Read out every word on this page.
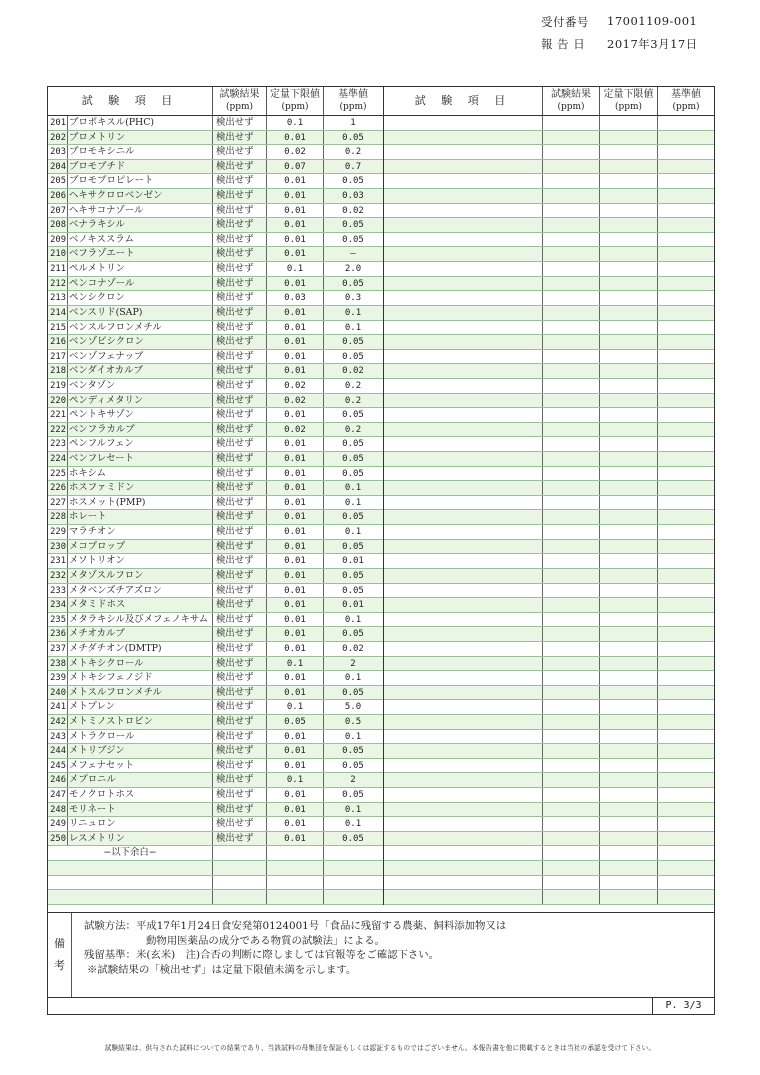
受付番号	17001109-001
報 告 日	2017年3月17日
試 験 項 目	試験結果
(ppm)
定量下限値
(ppm)
基準値
(ppm)
201 ブロポキスル(PHC)	検出せず	0.1	1
202 ブロメトリン	検出せず	0.01	0.05
203 ブロモキシニル	検出せず	0.02	0.2
204 ブロモブチド	検出せず	0.07	0.7
205 ブロモプロピレート	検出せず	0.01	0.05
206 ヘキサクロロベンゼン	検出せず	0.01	0.03
207 ヘキサコナゾール	検出せず	0.01	0.02
208 ベナラキシル	検出せず	0.01	0.05
209 ベノキススラム	検出せず	0.01	0.05
210 ベフラゾエート	検出せず	0.01	—
211 ペルメトリン	検出せず	0.1	2.0
212 ペンコナゾール	検出せず	0.01	0.05
213 ペンシクロン	検出せず	0.03	0.3
214 ベンスリド(SAP)	検出せず	0.01	0.1
215 ベンスルフロンメチル	検出せず	0.01	0.1
216 ベンゾビシクロン	検出せず	0.01	0.05
217 ベンゾフェナップ	検出せず	0.01	0.05
218 ベンダイオカルブ	検出せず	0.01	0.02
219 ベンタゾン	検出せず	0.02	0.2
220 ペンディメタリン	検出せず	0.02	0.2
221 ペントキサゾン	検出せず	0.01	0.05
222 ベンフラカルブ	検出せず	0.02	0.2
223 ペンフルフェン	検出せず	0.01	0.05
224 ベンフレセート	検出せず	0.01	0.05
225 ホキシム	検出せず	0.01	0.05
226 ホスファミドン	検出せず	0.01	0.1
227 ホスメット(PMP)	検出せず	0.01	0.1
228 ホレート	検出せず	0.01	0.05
229 マラチオン	検出せず	0.01	0.1
230 メコプロップ	検出せず	0.01	0.05
231 メソトリオン	検出せず	0.01	0.01
232 メタゾスルフロン	検出せず	0.01	0.05
233 メタベンズチアズロン	検出せず	0.01	0.05
234 メタミドホス	検出せず	0.01	0.01
235 メタラキシル及びメフェノキサム 検出せず	0.01	0.1
236 メチオカルブ	検出せず	0.01	0.05
237 メチダチオン(DMTP)	検出せず	0.01	0.02
238 メトキシクロール	検出せず	0.1	2
239 メトキシフェノジド	検出せず	0.01	0.1
240 メトスルフロンメチル	検出せず	0.01	0.05
241 メトプレン	検出せず	0.1	5.0
242 メトミノストロビン	検出せず	0.05	0.5
243 メトラクロール	検出せず	0.01	0.1
244 メトリブジン	検出せず	0.01	0.05
245 メフェナセット	検出せず	0.01	0.05
246 メプロニル	検出せず	0.1	2
247 モノクロトホス	検出せず	0.01	0.05
248 モリネート	検出せず	0.01	0.1
249 リニュロン	検出せず	0.01	0.1
250 レスメトリン	検出せず	0.01	0.05
−以下余白−
試 験 項 目	試験結果
(ppm)
定量下限値
(ppm)
基準値
(ppm)
備
考
試験方法：平成17年1月24日食安発第0124001号「食品に残留する農薬、飼料添加物又は
動物用医薬品の成分である物質の試験法」による。
残留基準：米(玄米)　注)合否の判断に際しましては官報等をご確認下さい。
※試験結果の「検出せず」は定量下限値未満を示します。
P. 3/3
試験結果は、供与された試料についての結果であり、当該試料の母集団を保証もしくは認証するものではございません。本報告書を他に掲載するときは当社の承認を受けて下さい。
